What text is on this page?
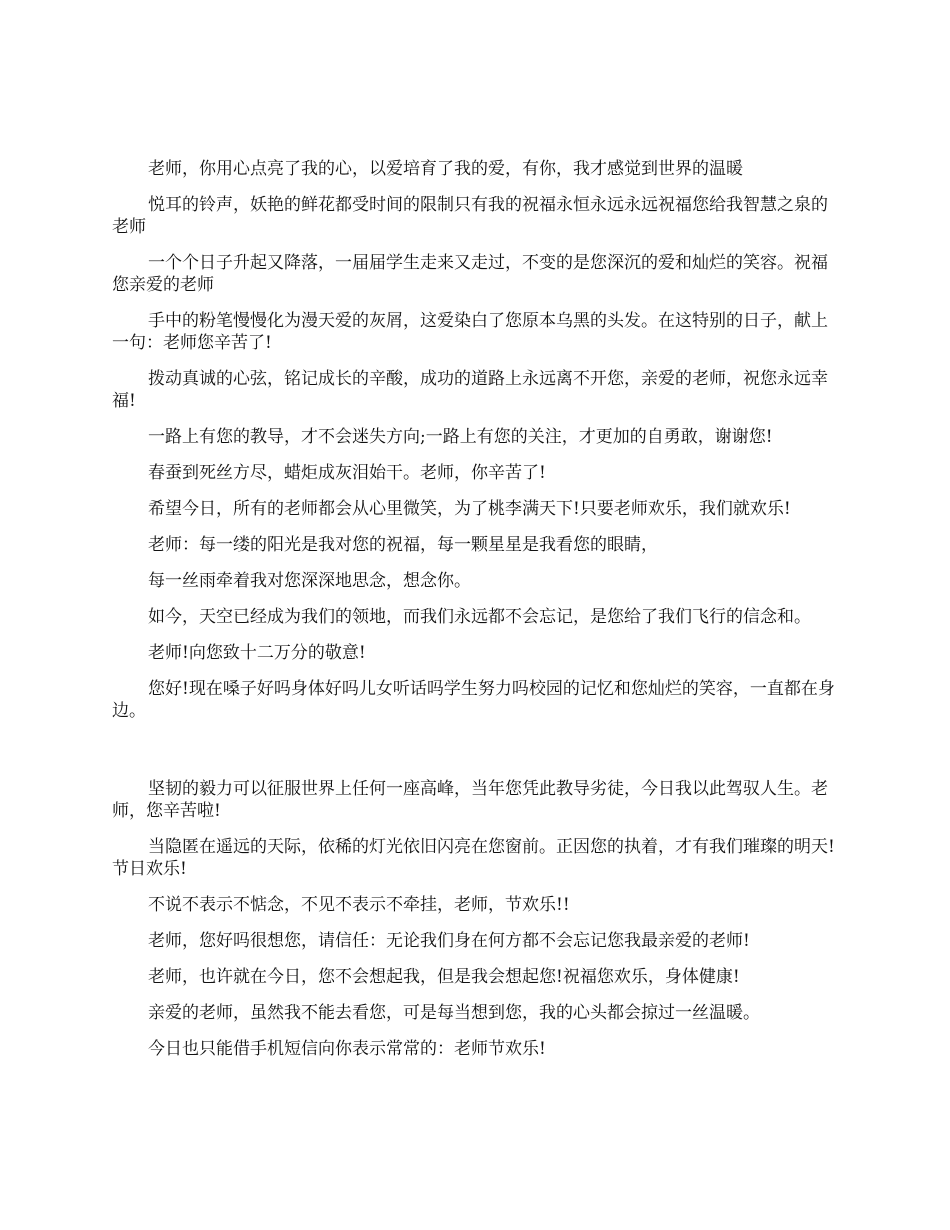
老师，你用心点亮了我的心，以爱培育了我的爱，有你，我才感觉到世界的温暖

悦耳的铃声，妖艳的鲜花都受时间的限制只有我的祝福永恒永远永远祝福您给我智慧之泉的老师

一个个日子升起又降落，一届届学生走来又走过，不变的是您深沉的爱和灿烂的笑容。祝福您亲爱的老师

手中的粉笔慢慢化为漫天爱的灰屑，这爱染白了您原本乌黑的头发。在这特别的日子，献上一句：老师您辛苦了!

拨动真诚的心弦，铭记成长的辛酸，成功的道路上永远离不开您，亲爱的老师，祝您永远幸福!

一路上有您的教导，才不会迷失方向;一路上有您的关注，才更加的自勇敢，谢谢您!

春蚕到死丝方尽，蜡炬成灰泪始干。老师，你辛苦了!

希望今日，所有的老师都会从心里微笑，为了桃李满天下!只要老师欢乐，我们就欢乐!

老师：每一缕的阳光是我对您的祝福，每一颗星星是我看您的眼睛，

每一丝雨牵着我对您深深地思念，想念你。

如今，天空已经成为我们的领地，而我们永远都不会忘记，是您给了我们飞行的信念和。

老师!向您致十二万分的敬意!

您好!现在嗓子好吗身体好吗儿女听话吗学生努力吗校园的记忆和您灿烂的笑容，一直都在身边。

坚韧的毅力可以征服世界上任何一座高峰，当年您凭此教导劣徒，今日我以此驾驭人生。老师，您辛苦啦!

当隐匿在遥远的天际，依稀的灯光依旧闪亮在您窗前。正因您的执着，才有我们璀璨的明天!节日欢乐!

不说不表示不惦念，不见不表示不牵挂，老师，节欢乐!!

老师，您好吗很想您，请信任：无论我们身在何方都不会忘记您我最亲爱的老师!

老师，也许就在今日，您不会想起我，但是我会想起您!祝福您欢乐，身体健康!

亲爱的老师，虽然我不能去看您，可是每当想到您，我的心头都会掠过一丝温暖。

今日也只能借手机短信向你表示常常的：老师节欢乐!
